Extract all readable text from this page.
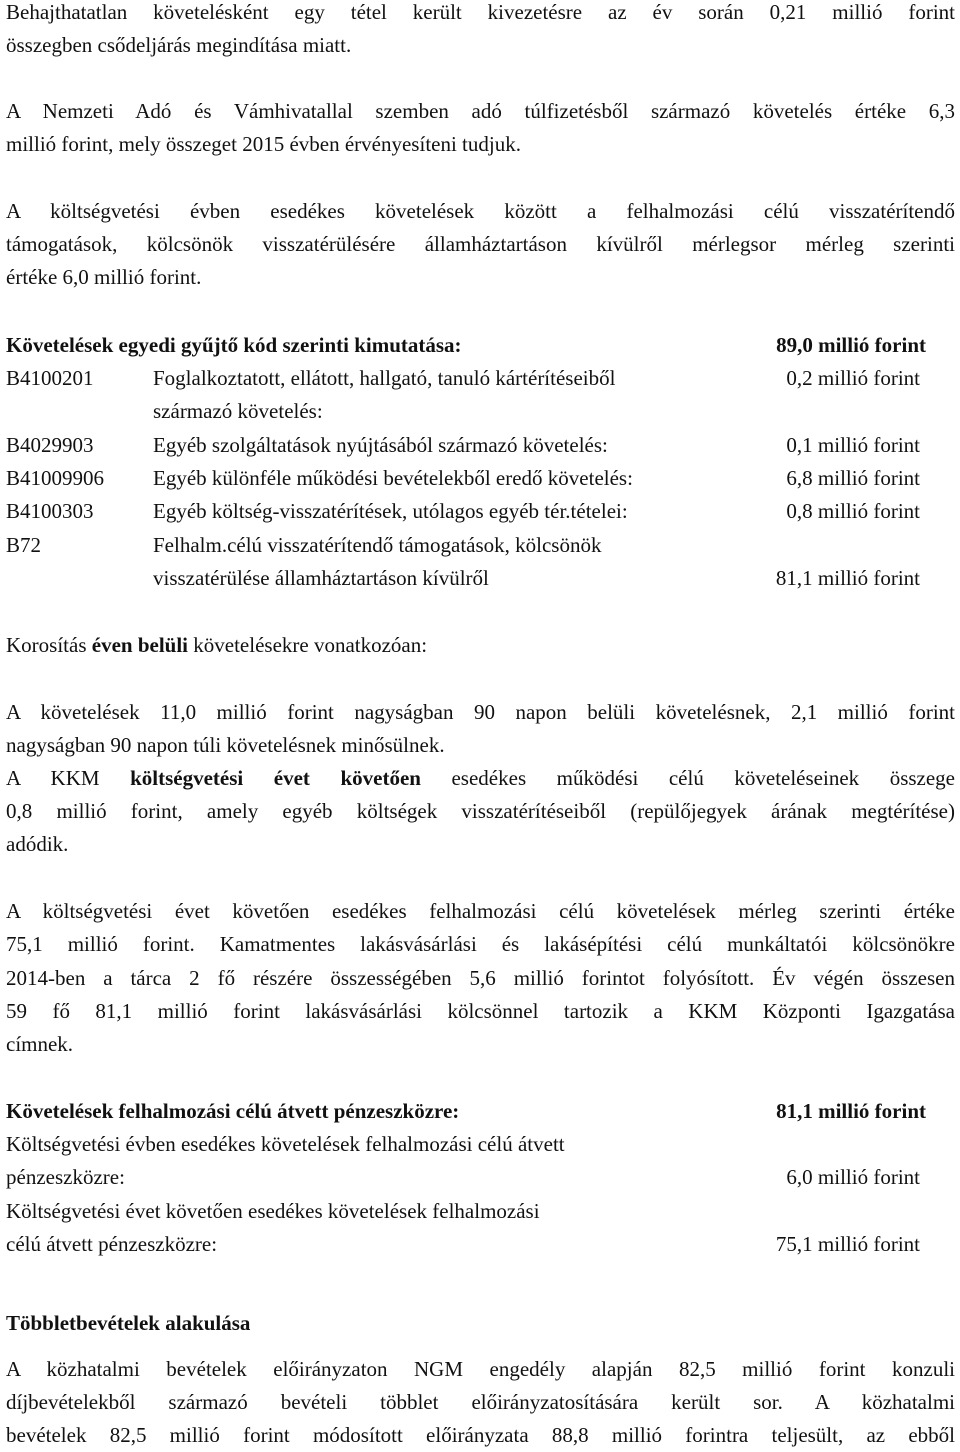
Behajthatatlan követelésként egy tétel került kivezetésre az év során 0,21 millió forint
összegben csődeljárás megindítása miatt.
A Nemzeti Adó és Vámhivatallal szemben adó túlfizetésből származó követelés értéke 6,3
millió forint, mely összeget 2015 évben érvényesíteni tudjuk.
A költségvetési évben esedékes követelések között a felhalmozási célú visszatérítendő
támogatások, kölcsönök visszatérülésére államháztartáson kívülről mérlegsor mérleg szerinti
értéke 6,0 millió forint.
Követelések egyedi gyűjtő kód szerinti kimutatása:	89,0 millió forint
B4100201	Foglalkoztatott, ellátott, hallgató, tanuló kártérítéseiből	0,2 millió forint
származó követelés:
B4029903	Egyéb szolgáltatások nyújtásából származó követelés:	0,1 millió forint
B41009906 Egyéb különféle működési bevételekből eredő követelés:	6,8 millió forint
B4100303	Egyéb költség-visszatérítések, utólagos egyéb tér.tételei:	0,8 millió forint
B72	Felhalm.célú visszatérítendő támogatások, kölcsönök
visszatérülése államháztartáson kívülről	81,1 millió forint
Korosítás éven belüli követelésekre vonatkozóan:
A követelések 11,0 millió forint nagyságban 90 napon belüli követelésnek, 2,1 millió forint
nagyságban 90 napon túli követelésnek minősülnek.
A KKM költségvetési évet követően esedékes működési célú követeléseinek összege
0,8 millió forint, amely egyéb költségek visszatérítéseiből (repülőjegyek árának megtérítése)
adódik.
A költségvetési évet követően esedékes felhalmozási célú követelések mérleg szerinti értéke
75,1 millió forint. Kamatmentes lakásvásárlási és lakásépítési célú munkáltatói kölcsönökre
2014-ben a tárca 2 fő részére összességében 5,6 millió forintot folyósított. Év végén összesen
59 fő 81,1 millió forint lakásvásárlási kölcsönnel tartozik a KKM Központi Igazgatása
címnek.
Követelések felhalmozási célú átvett pénzeszközre:	81,1 millió forint
Költségvetési évben esedékes követelések felhalmozási célú átvett
pénzeszközre:	6,0 millió forint
Költségvetési évet követően esedékes követelések felhalmozási
célú átvett pénzeszközre:	75,1 millió forint
Többletbevételek alakulása
A közhatalmi bevételek előirányzaton NGM engedély alapján 82,5 millió forint konzuli
díjbevételekből származó bevételi többlet előirányzatosítására került sor. A közhatalmi
bevételek 82,5 millió forint módosított előirányzata 88,8 millió forintra teljesült, az ebből
